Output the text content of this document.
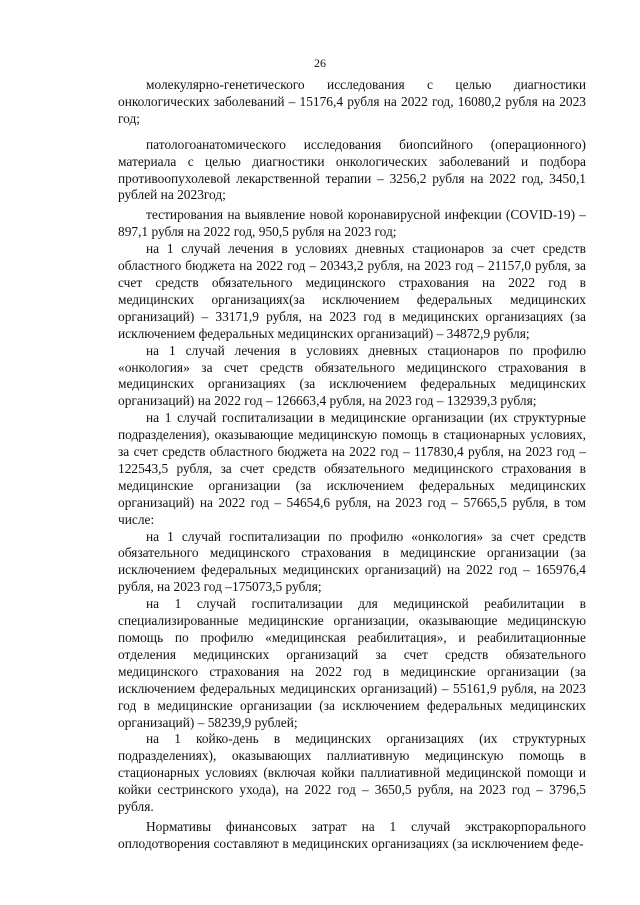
26

молекулярно-генетического исследования с целью диагностики онкологических заболеваний – 15176,4 рубля на 2022 год, 16080,2 рубля на 2023 год;

патологоанатомического исследования биопсийного (операционного) материала с целью диагностики онкологических заболеваний и подбора противоопухолевой лекарственной терапии – 3256,2 рубля на 2022 год, 3450,1 рублей на 2023год;

тестирования на выявление новой коронавирусной инфекции (COVID-19) – 897,1 рубля на 2022 год, 950,5 рубля на 2023 год;

на 1 случай лечения в условиях дневных стационаров за счет средств областного бюджета на 2022 год – 20343,2 рубля, на 2023 год – 21157,0 рубля, за счет средств обязательного медицинского страхования на 2022 год в медицинских организациях(за исключением федеральных медицинских организаций) – 33171,9 рубля, на 2023 год в медицинских организациях (за исключением федеральных медицинских организаций) – 34872,9 рубля;

на 1 случай лечения в условиях дневных стационаров по профилю «онкология» за счет средств обязательного медицинского страхования в медицинских организациях (за исключением федеральных медицинских организаций) на 2022 год – 126663,4 рубля, на 2023 год – 132939,3 рубля;

на 1 случай госпитализации в медицинские организации (их структурные подразделения), оказывающие медицинскую помощь в стационарных условиях, за счет средств областного бюджета на 2022 год – 117830,4 рубля, на 2023 год – 122543,5 рубля, за счет средств обязательного медицинского страхования в медицинские организации (за исключением федеральных медицинских организаций) на 2022 год – 54654,6 рубля, на 2023 год – 57665,5 рубля, в том числе:

на 1 случай госпитализации по профилю «онкология» за счет средств обязательного медицинского страхования в медицинские организации (за исключением федеральных медицинских организаций) на 2022 год – 165976,4 рубля, на 2023 год –175073,5 рубля;

на 1 случай госпитализации для медицинской реабилитации в специализированные медицинские организации, оказывающие медицинскую помощь по профилю «медицинская реабилитация», и реабилитационные отделения медицинских организаций за счет средств обязательного медицинского страхования на 2022 год в медицинские организации (за исключением федеральных медицинских организаций) – 55161,9 рубля, на 2023 год в медицинские организации (за исключением федеральных медицинских организаций) – 58239,9 рублей;

на 1 койко-день в медицинских организациях (их структурных подразделениях), оказывающих паллиативную медицинскую помощь в стационарных условиях (включая койки паллиативной медицинской помощи и койки сестринского ухода), на 2022 год – 3650,5 рубля, на 2023 год – 3796,5 рубля.

Нормативы финансовых затрат на 1 случай экстракорпорального оплодотворения составляют в медицинских организациях (за исключением феде-
